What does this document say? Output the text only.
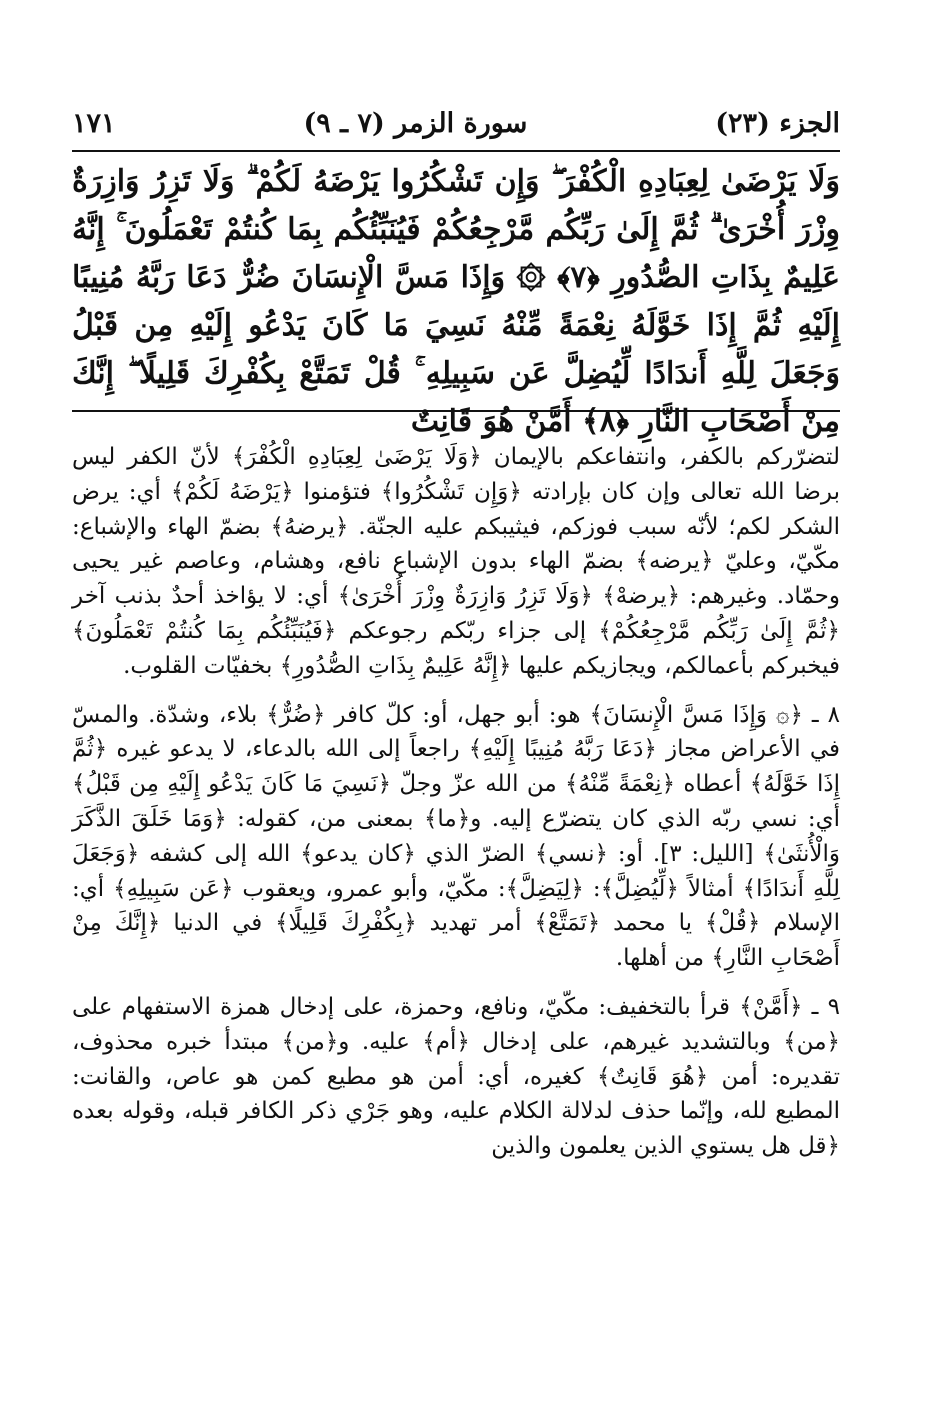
الجزء (٢٣)
سورة الزمر (٧ ـ ٩)
١٧١

وَلَا يَرْضَىٰ لِعِبَادِهِ الْكُفْرَ ۖ وَإِن تَشْكُرُوا يَرْضَهُ لَكُمْ ۗ وَلَا تَزِرُ وَازِرَةٌ وِزْرَ أُخْرَىٰ ۗ ثُمَّ إِلَىٰ رَبِّكُم مَّرْجِعُكُمْ فَيُنَبِّئُكُم بِمَا كُنتُمْ تَعْمَلُونَ ۚ إِنَّهُ عَلِيمٌ بِذَاتِ الصُّدُورِ ﴿٧﴾ ۞ وَإِذَا مَسَّ الْإِنسَانَ ضُرٌّ دَعَا رَبَّهُ مُنِيبًا إِلَيْهِ ثُمَّ إِذَا خَوَّلَهُ نِعْمَةً مِّنْهُ نَسِيَ مَا كَانَ يَدْعُو إِلَيْهِ مِن قَبْلُ وَجَعَلَ لِلَّهِ أَندَادًا لِّيُضِلَّ عَن سَبِيلِهِ ۚ قُلْ تَمَتَّعْ بِكُفْرِكَ قَلِيلًا ۖ إِنَّكَ مِنْ أَصْحَابِ النَّارِ ﴿٨﴾ أَمَّنْ هُوَ قَانِتٌ

لتضرّركم بالكفر، وانتفاعكم بالإيمان ﴿وَلَا يَرْضَىٰ لِعِبَادِهِ الْكُفْرَ﴾ لأنّ الكفر ليس برضا الله تعالى وإن كان بإرادته ﴿وَإِن تَشْكُرُوا﴾ فتؤمنوا ﴿يَرْضَهُ لَكُمْ﴾ أي: يرض الشكر لكم؛ لأنّه سبب فوزكم، فيثيبكم عليه الجنّة. ﴿يرضهُ﴾ بضمّ الهاء والإشباع: مكّيّ، وعليّ ﴿يرضه﴾ بضمّ الهاء بدون الإشباع نافع، وهشام، وعاصم غير يحيى وحمّاد. وغيرهم: ﴿يرضهْ﴾ ﴿وَلَا تَزِرُ وَازِرَةٌ وِزْرَ أُخْرَىٰ﴾ أي: لا يؤاخذ أحدٌ بذنب آخر ﴿ثُمَّ إِلَىٰ رَبِّكُم مَّرْجِعُكُمْ﴾ إلى جزاء ربّكم رجوعكم ﴿فَيُنَبِّئُكُم بِمَا كُنتُمْ تَعْمَلُونَ﴾ فيخبركم بأعمالكم، ويجازيكم عليها ﴿إِنَّهُ عَلِيمٌ بِذَاتِ الصُّدُورِ﴾ بخفيّات القلوب.

٨ ـ ﴿۞ وَإِذَا مَسَّ الْإِنسَانَ﴾ هو: أبو جهل، أو: كلّ كافر ﴿ضُرٌّ﴾ بلاء، وشدّة. والمسّ في الأعراض مجاز ﴿دَعَا رَبَّهُ مُنِيبًا إِلَيْهِ﴾ راجعاً إلى الله بالدعاء، لا يدعو غيره ﴿ثُمَّ إِذَا خَوَّلَهُ﴾ أعطاه ﴿نِعْمَةً مِّنْهُ﴾ من الله عزّ وجلّ ﴿نَسِيَ مَا كَانَ يَدْعُو إِلَيْهِ مِن قَبْلُ﴾ أي: نسي ربّه الذي كان يتضرّع إليه. و﴿ما﴾ بمعنى من، كقوله: ﴿وَمَا خَلَقَ الذَّكَرَ وَالْأُنثَىٰ﴾ [الليل: ٣]. أو: ﴿نسي﴾ الضرّ الذي ﴿كان يدعو﴾ الله إلى كشفه ﴿وَجَعَلَ لِلَّهِ أَندَادًا﴾ أمثالاً ﴿لِّيُضِلَّ﴾: ﴿لِيَضِلَّ﴾: مكّيّ، وأبو عمرو، ويعقوب ﴿عَن سَبِيلِهِ﴾ أي: الإسلام ﴿قُلْ﴾ يا محمد ﴿تَمَتَّعْ﴾ أمر تهديد ﴿بِكُفْرِكَ قَلِيلًا﴾ في الدنيا ﴿إِنَّكَ مِنْ أَصْحَابِ النَّارِ﴾ من أهلها.

٩ ـ ﴿أَمَّنْ﴾ قرأ بالتخفيف: مكّيّ، ونافع، وحمزة، على إدخال همزة الاستفهام على ﴿من﴾ وبالتشديد غيرهم، على إدخال ﴿أم﴾ عليه. و﴿من﴾ مبتدأ خبره محذوف، تقديره: أمن ﴿هُوَ قَانِتٌ﴾ كغيره، أي: أمن هو مطيع كمن هو عاص، والقانت: المطيع لله، وإنّما حذف لدلالة الكلام عليه، وهو جَرْي ذكر الكافر قبله، وقوله بعده ﴿قل هل يستوي الذين يعلمون والذين
